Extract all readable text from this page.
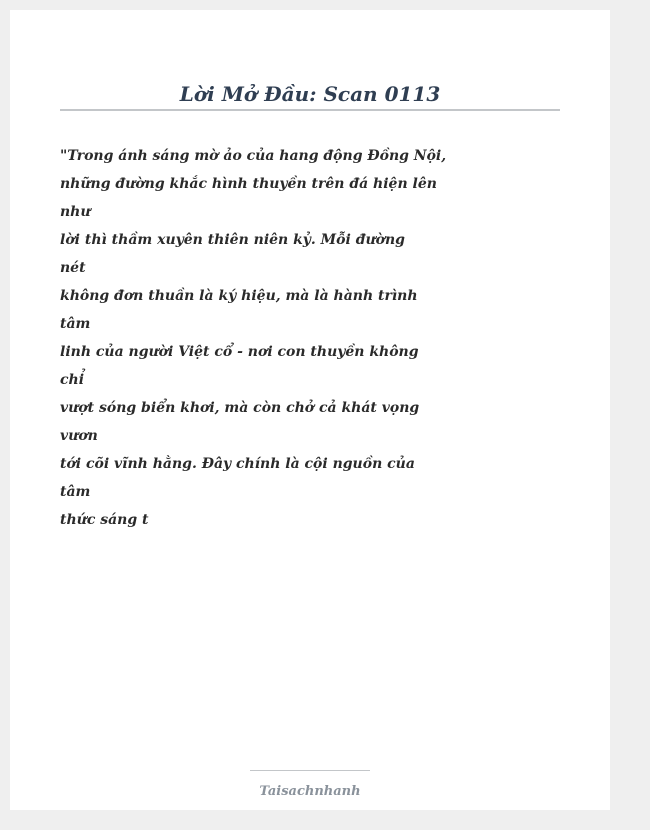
Lời Mở Đầu: Scan 0113
"Trong ánh sáng mờ ảo của hang động Đồng Nội,
những đường khắc hình thuyền trên đá hiện lên
như
lời thì thầm xuyên thiên niên kỷ. Mỗi đường
nét
không đơn thuần là ký hiệu, mà là hành trình
tâm
linh của người Việt cổ - nơi con thuyền không
chỉ
vượt sóng biển khơi, mà còn chở cả khát vọng
vươn
tới cõi vĩnh hằng. Đây chính là cội nguồn của
tâm
thức sáng t
Taisachnhanh
